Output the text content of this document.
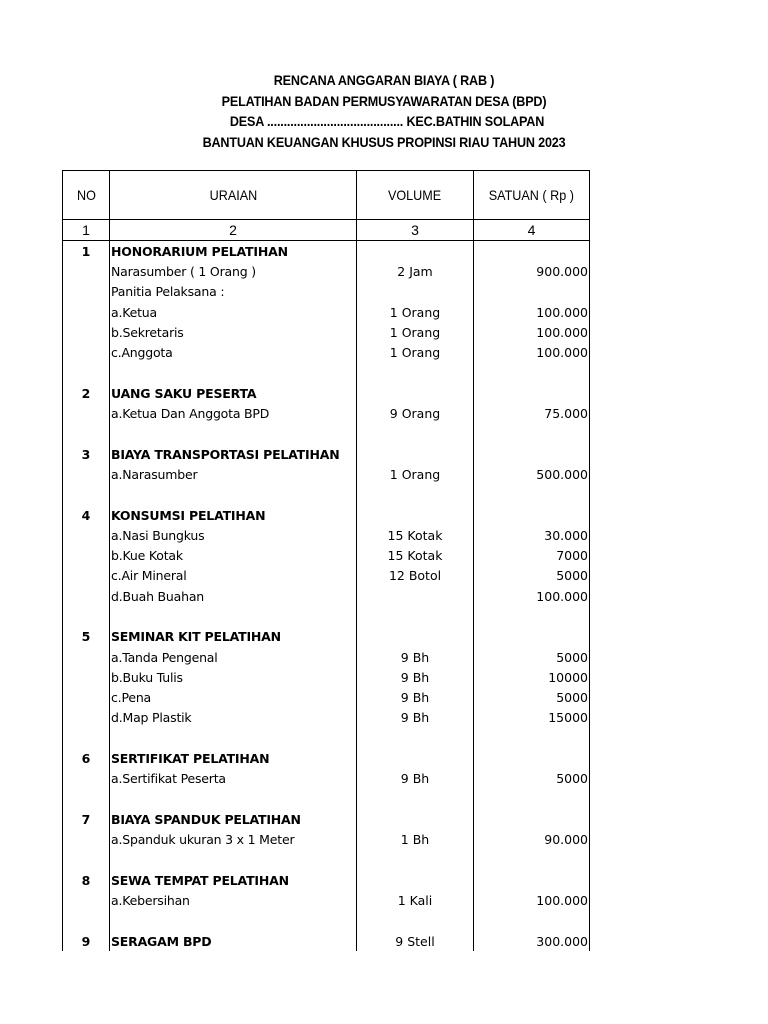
RENCANA ANGGARAN BIAYA ( RAB )
PELATIHAN BADAN PERMUSYAWARATAN DESA (BPD)
DESA ......................................... KEC.BATHIN SOLAPAN
BANTUAN KEUANGAN KHUSUS PROPINSI RIAU TAHUN 2023
NO	URAIAN	VOLUME	SATUAN ( Rp )
1	2	3	4
1	HONORARIUM PELATIHAN		
	Narasumber ( 1 Orang )	2 Jam	900.000
	Panitia Pelaksana :		
	a.Ketua	1 Orang	100.000
	b.Sekretaris	1 Orang	100.000
	c.Anggota	1 Orang	100.000

2	UANG SAKU PESERTA		
	a.Ketua Dan Anggota BPD	9 Orang	75.000

3	BIAYA TRANSPORTASI PELATIHAN		
	a.Narasumber	1 Orang	500.000

4	KONSUMSI PELATIHAN		
	a.Nasi Bungkus	15 Kotak	30.000
	b.Kue Kotak	15 Kotak	7000
	c.Air Mineral	12 Botol	5000
	d.Buah Buahan		100.000

5	SEMINAR KIT PELATIHAN		
	a.Tanda Pengenal	9 Bh	5000
	b.Buku Tulis	9 Bh	10000
	c.Pena	9 Bh	5000
	d.Map Plastik	9 Bh	15000

6	SERTIFIKAT PELATIHAN		
	a.Sertifikat Peserta	9 Bh	5000

7	BIAYA SPANDUK PELATIHAN		
	a.Spanduk ukuran 3 x 1 Meter	1 Bh	90.000

8	SEWA TEMPAT PELATIHAN		
	a.Kebersihan	1 Kali	100.000

9	SERAGAM BPD	9 Stell	300.000
